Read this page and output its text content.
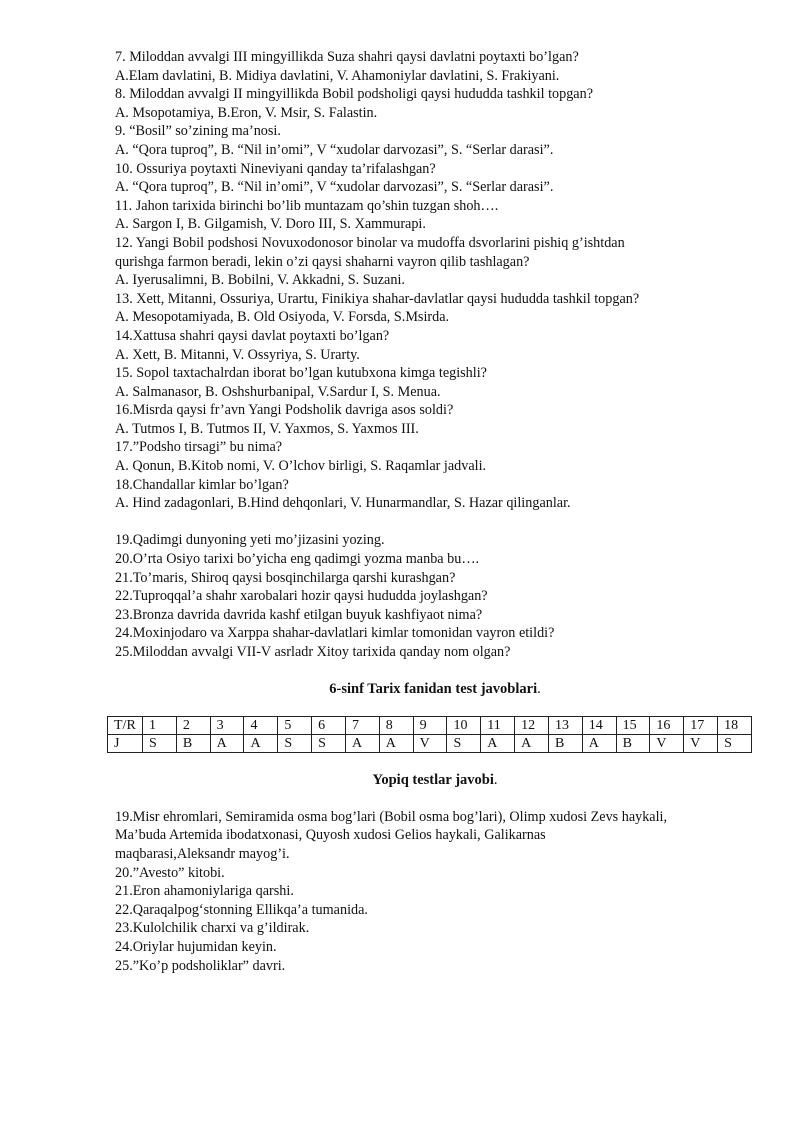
7. Miloddan avvalgi III mingyillikda Suza shahri qaysi davlatni poytaxti bo’lgan?
A.Elam davlatini, B. Midiya davlatini, V. Ahamoniylar davlatini, S. Frakiyani.
8. Miloddan avvalgi II mingyillikda Bobil podsholigi qaysi hududda tashkil topgan?
A. Msopotamiya, B.Eron, V. Msir, S. Falastin.
9. “Bosil” so’zining ma’nosi.
A. “Qora tuproq”, B. “Nil in’omi”, V “xudolar darvozasi”, S. “Serlar darasi”.
10. Ossuriya poytaxti Nineviyani qanday ta’rifalashgan?
A. “Qora tuproq”, B. “Nil in’omi”, V “xudolar darvozasi”, S. “Serlar darasi”.
11. Jahon tarixida birinchi bo’lib muntazam qo’shin tuzgan shoh….
A. Sargon I, B. Gilgamish, V. Doro III, S. Xammurapi.
12. Yangi Bobil podshosi Novuxodonosor binolar va mudoffa dsvorlarini pishiq g’ishtdan
qurishga farmon beradi, lekin o’zi qaysi shaharni vayron qilib tashlagan?
A. Iyerusalimni, B. Bobilni, V. Akkadni, S. Suzani.
13. Xett, Mitanni, Ossuriya, Urartu, Finikiya shahar-davlatlar qaysi hududda tashkil topgan?
A. Mesopotamiyada, B. Old Osiyoda, V. Forsda, S.Msirda.
14.Xattusa shahri qaysi davlat poytaxti bo’lgan?
A. Xett, B. Mitanni, V. Ossyriya, S. Urarty.
15. Sopol taxtachalrdan iborat bo’lgan kutubxona kimga tegishli?
A. Salmanasor, B. Oshshurbanipal, V.Sardur I, S. Menua.
16.Misrda qaysi fr’avn Yangi Podsholik davriga asos soldi?
A. Tutmos I, B. Tutmos II, V. Yaxmos, S. Yaxmos III.
17.”Podsho tirsagi” bu nima?
A. Qonun, B.Kitob nomi, V. O’lchov birligi, S. Raqamlar jadvali.
18.Chandallar kimlar bo’lgan?
A. Hind zadagonlari, B.Hind dehqonlari, V. Hunarmandlar, S. Hazar qilinganlar.
19.Qadimgi dunyoning yeti mo’jizasini yozing.
20.O’rta Osiyo tarixi bo’yicha eng qadimgi yozma manba bu….
21.To’maris, Shiroq qaysi bosqinchilarga qarshi kurashgan?
22.Tuproqqal’a shahr xarobalari hozir qaysi hududda joylashgan?
23.Bronza davrida davrida kashf etilgan buyuk kashfiyaot nima?
24.Moxinjodaro va Xarppa shahar-davlatlari kimlar tomonidan vayron etildi?
25.Miloddan avvalgi VII-V asrladr Xitoy tarixida qanday nom olgan?
6-sinf Tarix fanidan test javoblari.
T/R	1	2	3	4	5	6	7	8	9	10	11	12	13	14	15	16	17	18
J	S	B	A	A	S	S	A	A	V	S	A	A	B	A	B	V	V	S
Yopiq testlar javobi.
19.Misr ehromlari, Semiramida osma bog’lari (Bobil osma bog’lari), Olimp xudosi Zevs haykali,
Ma’buda Artemida ibodatxonasi, Quyosh xudosi Gelios haykali, Galikarnas
maqbarasi,Aleksandr mayog’i.
20.”Avesto” kitobi.
21.Eron ahamoniylariga qarshi.
22.Qaraqalpog‘stonning Ellikqa’a tumanida.
23.Kulolchilik charxi va g’ildirak.
24.Oriylar hujumidan keyin.
25.”Ko’p podsholiklar” davri.
